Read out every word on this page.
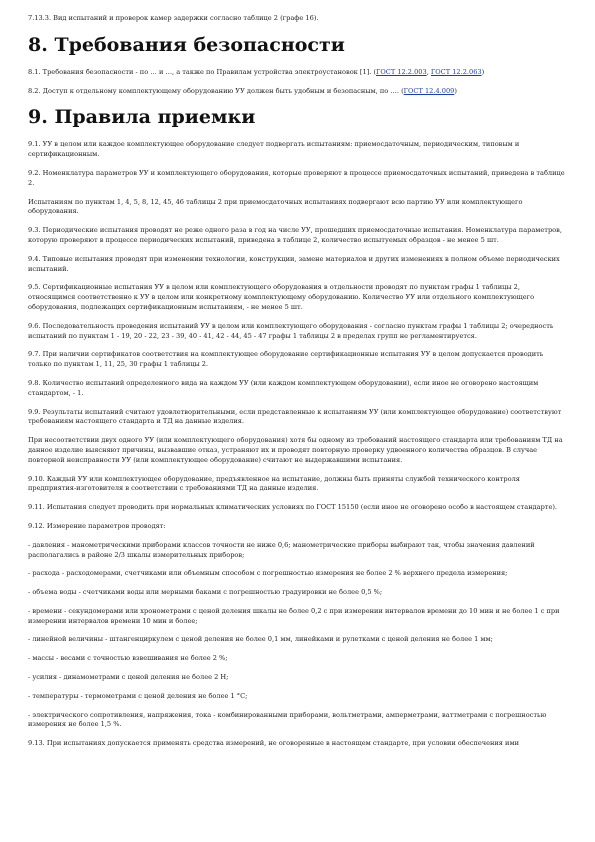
7.13.3. Вид испытаний и проверок камер задержки согласно таблице 2 (графе 16).

8. Требования безопасности

8.1. Требования безопасности - по … и …, а также по Правилам устройства электроустановок [1]. (ГОСТ 12.2.003, ГОСТ 12.2.063)

8.2. Доступ к отдельному комплектующему оборудованию УУ должен быть удобным и безопасным, по …. (ГОСТ 12.4.009)

9. Правила приемки

9.1. УУ в целом или каждое комплектующее оборудование следует подвергать испытаниям: приемосдаточным, периодическим, типовым и сертификационным.

9.2. Номенклатура параметров УУ и комплектующего оборудования, которые проверяют в процессе приемосдаточных испытаний, приведена в таблице 2.

Испытаниям по пунктам 1, 4, 5, 8, 12, 45, 46 таблицы 2 при приемосдаточных испытаниях подвергают всю партию УУ или комплектующего оборудования.

9.3. Периодические испытания проводят не реже одного раза в год на числе УУ, прошедших приемосдаточные испытания. Номенклатура параметров, которую проверяют в процессе периодических испытаний, приведена в таблице 2, количество испытуемых образцов - не менее 5 шт.

9.4. Типовые испытания проводят при изменении технологии, конструкции, замене материалов и других изменениях в полном объеме периодических испытаний.

9.5. Сертификационные испытания УУ в целом или комплектующего оборудования в отдельности проводят по пунктам графы 1 таблицы 2, относящимся соответственно к УУ в целом или конкретному комплектующему оборудованию. Количество УУ или отдельного комплектующего оборудования, подлежащих сертификационным испытаниям, - не менее 5 шт.

9.6. Последовательность проведения испытаний УУ в целом или комплектующего оборудования - согласно пунктам графы 1 таблицы 2; очередность испытаний по пунктам 1 - 19, 20 - 22, 23 - 39, 40 - 41, 42 - 44, 45 - 47 графы 1 таблицы 2 в пределах групп не регламентируется.

9.7. При наличии сертификатов соответствия на комплектующее оборудование сертификационные испытания УУ в целом допускается проводить только по пунктам 1, 11, 25, 30 графы 1 таблицы 2.

9.8. Количество испытаний определенного вида на каждом УУ (или каждом комплектующем оборудовании), если иное не оговорено настоящим стандартом, - 1.

9.9. Результаты испытаний считают удовлетворительными, если представленные к испытаниям УУ (или комплектующее оборудование) соответствуют требованиям настоящего стандарта и ТД на данные изделия.

При несоответствии двух одного УУ (или комплектующего оборудования) хотя бы одному из требований настоящего стандарта или требованиям ТД на данное изделие выясняют причины, вызвавшие отказ, устраняют их и проводят повторную проверку удвоенного количества образцов. В случае повторной неисправности УУ (или комплектующее оборудование) считают не выдержавшими испытания.

9.10. Каждый УУ или комплектующее оборудование, предъявленное на испытание, должны быть приняты службой технического контроля предприятия-изготовителя в соответствии с требованиями ТД на данные изделия.

9.11. Испытания следует проводить при нормальных климатических условиях по ГОСТ 15150 (если иное не оговорено особо в настоящем стандарте).

9.12. Измерение параметров проводят:

- давления - манометрическими приборами классов точности не ниже 0,6; манометрические приборы выбирают так, чтобы значения давлений располагались в районе 2/3 шкалы измерительных приборов;

- расхода - расходомерами, счетчиками или объемным способом с погрешностью измерения не более 2 % верхнего предела измерения;

- объема воды - счетчиками воды или мерными баками с погрешностью градуировки не более 0,5 %;

- времени - секундомерами или хронометрами с ценой деления шкалы не более 0,2 с при измерении интервалов времени до 10 мин и не более 1 с при измерении интервалов времени 10 мин и более;

- линейной величины - штангенциркулем с ценой деления не более 0,1 мм, линейками и рулетками с ценой деления не более 1 мм;

- массы - весами с точностью взвешивания не более 2 %;

- усилия - динамометрами с ценой деления не более 2 Н;

- температуры - термометрами с ценой деления не более 1 °С;

- электрического сопротивления, напряжения, тока - комбинированными приборами, вольтметрами, амперметрами, ваттметрами с погрешностью измерения не более 1,5 %.

9.13. При испытаниях допускается применять средства измерений, не оговоренные в настоящем стандарте, при условии обеспечения ими
